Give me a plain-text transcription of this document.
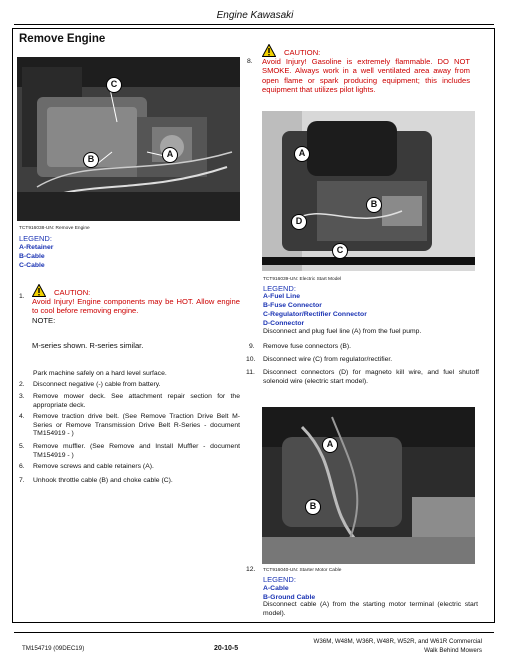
Engine Kawasaki
Remove Engine
C
B	A
TCT916038-UN: Remove Engine
LEGEND:
A-Retainer
B-Cable
C-Cable
1.	CAUTION:
Avoid Injury! Engine components may be HOT. Allow engine to cool before removing engine.
NOTE:
M-series shown. R-series similar.
Park machine safely on a hard level surface.
2. Disconnect negative (-) cable from battery.
3. Remove mower deck. See attachment repair section for the appropriate deck.
4. Remove traction drive belt. (See Remove Traction Drive Belt M-Series or Remove Transmission Drive Belt R-Series - document TM154919 - )
5. Remove muffler. (See Remove and Install Muffler - document TM154919 - )
6. Remove screws and cable retainers (A).
7. Unhook throttle cable (B) and choke cable (C).
8.
CAUTION:
Avoid Injury! Gasoline is extremely flammable. DO NOT SMOKE. Always work in a well ventilated area away from open flame or spark producing equipment; this includes equipment that utilizes pilot lights.
A
B
D
C
TCT916039-UN: Electric Start Model
LEGEND:
A-Fuel Line
B-Fuse Connector
C-Regulator/Rectifier Connector
D-Connector
Disconnect and plug fuel line (A) from the fuel pump.
9. Remove fuse connectors (B).
10. Disconnect wire (C) from regulator/rectifier.
11. Disconnect connectors (D) for magneto kill wire, and fuel shutoff solenoid wire (electric start model).
A
B
12. TCT916040-UN: Starter Motor Cable
LEGEND:
A-Cable
B-Ground Cable
Disconnect cable (A) from the starting motor terminal (electric start model).
TM154719 (09DEC19)	20-10-5
W36M, W48M, W36R, W48R, W52R, and W61R Commercial
Walk Behind Mowers
